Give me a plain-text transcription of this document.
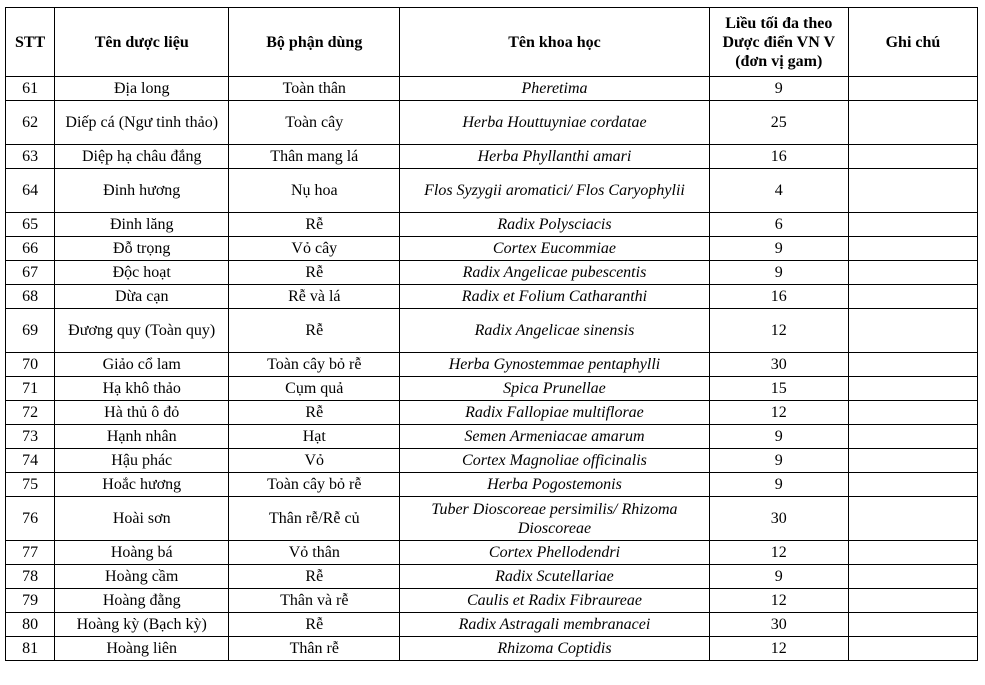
STT	Tên dược liệu	Bộ phận dùng	Tên khoa học	Liều tối đa theo Dược điển VN V (đơn vị gam)	Ghi chú
61	Địa long	Toàn thân	Pheretima	9	
62	Diếp cá (Ngư tinh thảo)	Toàn cây	Herba Houttuyniae cordatae	25	
63	Diệp hạ châu đắng	Thân mang lá	Herba Phyllanthi amari	16	
64	Đinh hương	Nụ hoa	Flos Syzygii aromatici/ Flos Caryophylii	4	
65	Đinh lăng	Rễ	Radix Polysciacis	6	
66	Đỗ trọng	Vỏ cây	Cortex Eucommiae	9	
67	Độc hoạt	Rễ	Radix Angelicae pubescentis	9	
68	Dừa cạn	Rễ và lá	Radix et Folium Catharanthi	16	
69	Đương quy (Toàn quy)	Rễ	Radix Angelicae sinensis	12	
70	Giảo cổ lam	Toàn cây bỏ rễ	Herba Gynostemmae pentaphylli	30	
71	Hạ khô thảo	Cụm quả	Spica Prunellae	15	
72	Hà thủ ô đỏ	Rễ	Radix Fallopiae multiflorae	12	
73	Hạnh nhân	Hạt	Semen Armeniacae amarum	9	
74	Hậu phác	Vỏ	Cortex Magnoliae officinalis	9	
75	Hoắc hương	Toàn cây bỏ rễ	Herba Pogostemonis	9	
76	Hoài sơn	Thân rễ/Rễ củ	Tuber Dioscoreae persimilis/ Rhizoma Dioscoreae	30	
77	Hoàng bá	Vỏ thân	Cortex Phellodendri	12	
78	Hoàng cầm	Rễ	Radix Scutellariae	9	
79	Hoàng đằng	Thân và rễ	Caulis et Radix Fibraureae	12	
80	Hoàng kỳ (Bạch kỳ)	Rễ	Radix Astragali membranacei	30	
81	Hoàng liên	Thân rễ	Rhizoma Coptidis	12	
